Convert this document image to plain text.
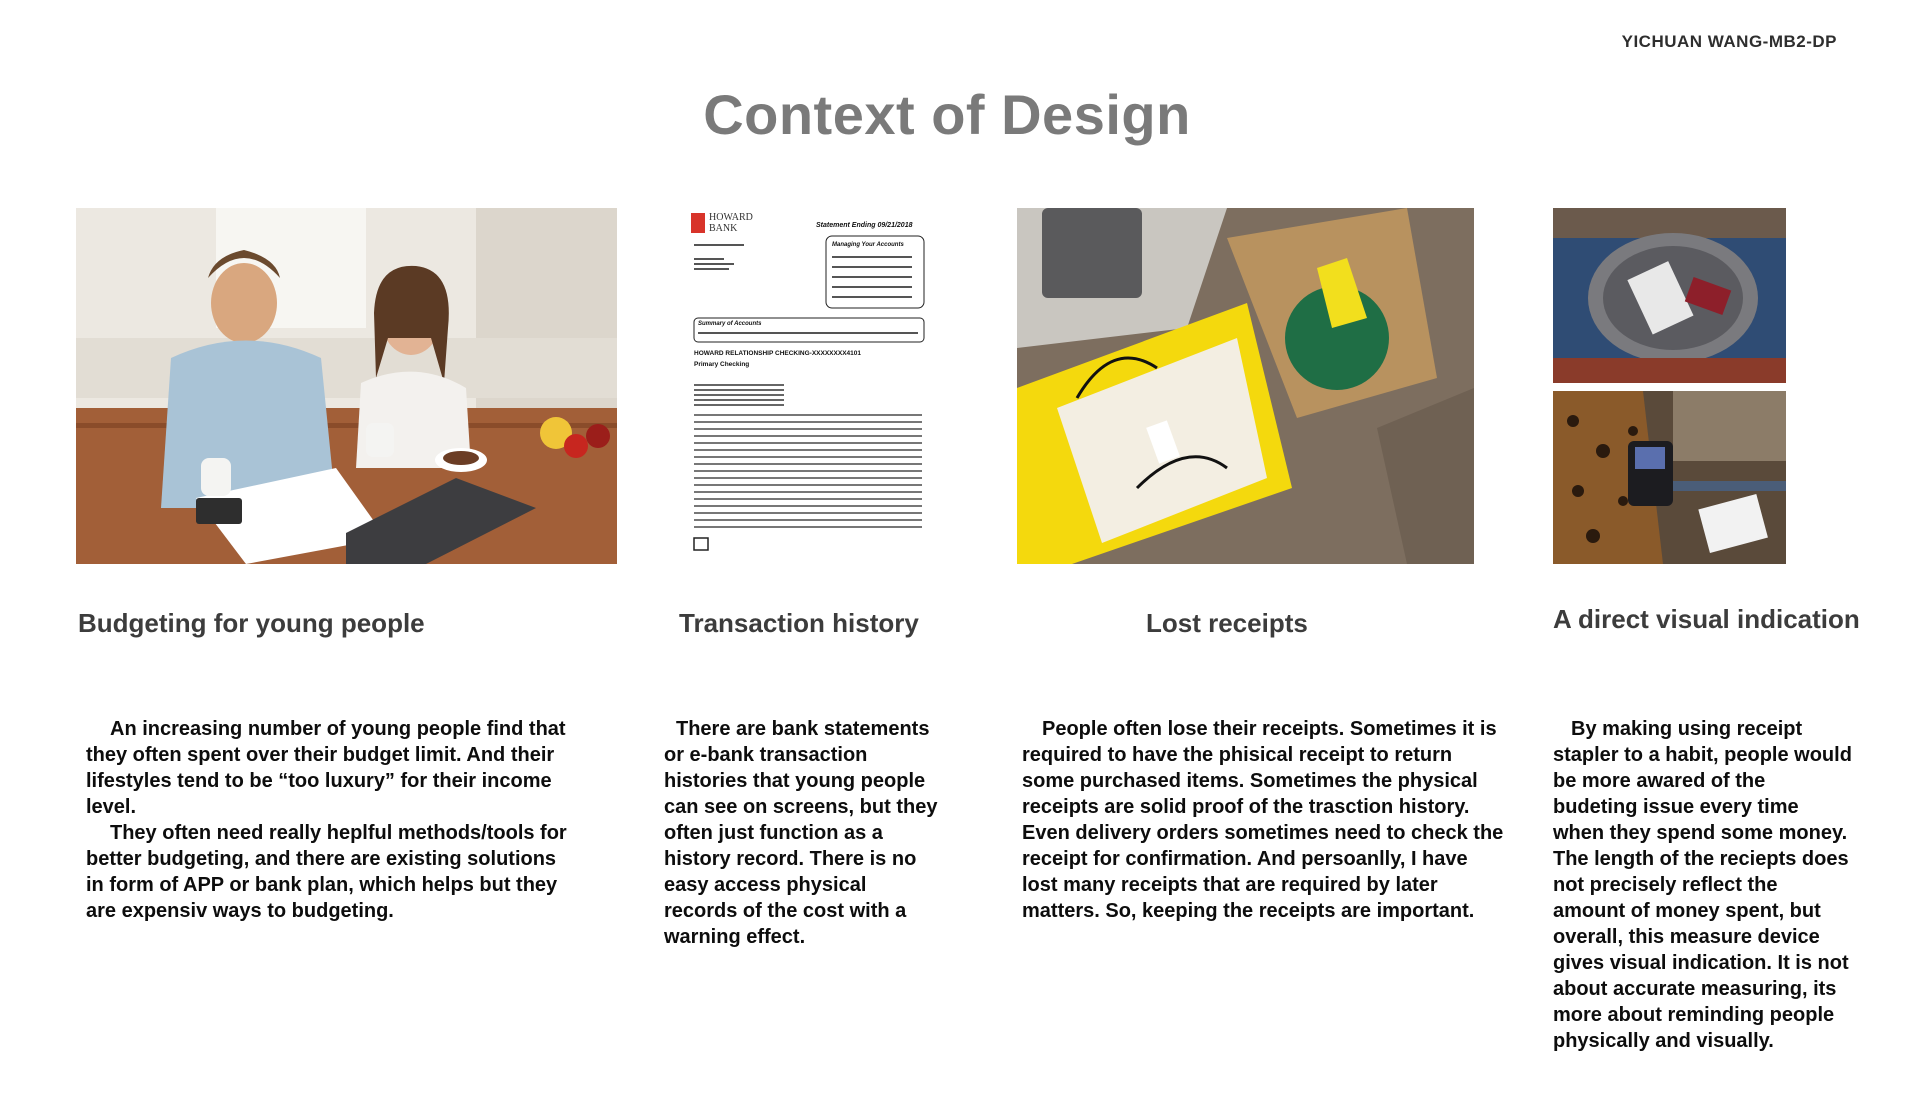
YICHUAN WANG-MB2-DP
Context of Design
HOWARD
BANK	Statement Ending 09/21/2018
Managing Your Accounts
Summary of Accounts
HOWARD RELATIONSHIP CHECKING-XXXXXXXX4101
Primary Checking
Budgeting for young people	Transaction history	Lost receipts	A direct visual indication

An increasing number of young people find that they often spent over their budget limit. And their lifestyles tend to be “too luxury” for their income level.

They often need really heplful methods/tools for better budgeting, and there are existing solutions in form of APP or bank plan, which helps but they are expensiv ways to budgeting.

There are bank statements or e-bank transaction histories that young people can see on screens, but they often just function as a history record. There is no easy access physical records of the cost with a warning effect.

People often lose their receipts. Sometimes it is required to have the phisical receipt to return some purchased items. Sometimes the physical receipts are solid proof of the trasction history. Even delivery orders sometimes need to check the receipt for confirmation. And persoanlly, I have lost many receipts that are required by later matters. So, keeping the receipts are important.

By making using receipt stapler to a habit, people would be more awared of the budeting issue every time when they spend some money. The length of the reciepts does not precisely reflect the amount of money spent, but overall, this measure device gives visual indication. It is not about accurate measuring, its more about reminding people physically and visually.
